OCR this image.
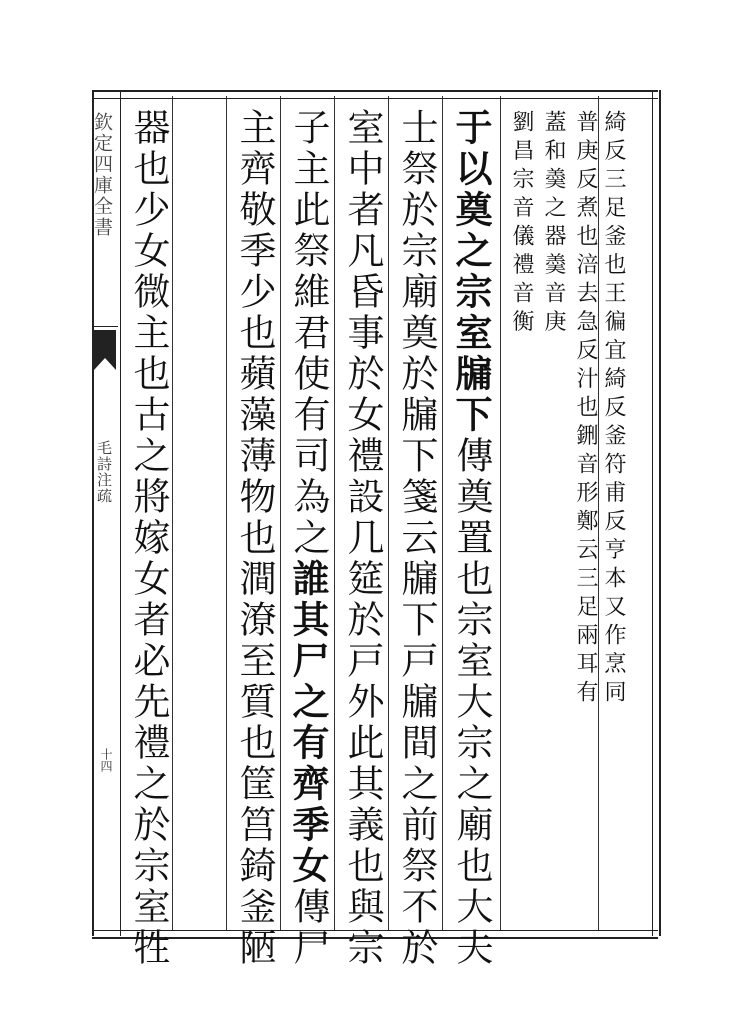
欽定四庫全書
毛詩注疏
十四
綺反三足釜也王徧宜綺反釜符甫反亨本又作烹同
普庚反煮也涪去急反汁也鉶音形鄭云三足兩耳有
蓋和羮之器羮音庚
劉昌宗音儀禮音衡
于以奠之宗室牖下傳奠置也宗室大宗之廟也大夫
士祭於宗廟奠於牖下箋云牖下戸牖間之前祭不於
室中者凡昏事於女禮設几筵於戸外此其義也與宗
子主此祭維君使有司為之誰其尸之有齊季女傳尸
主齊敬季少也蘋藻薄物也澗潦至質也筐筥錡釜陋
器也少女微主也古之將嫁女者必先禮之於宗室牲
